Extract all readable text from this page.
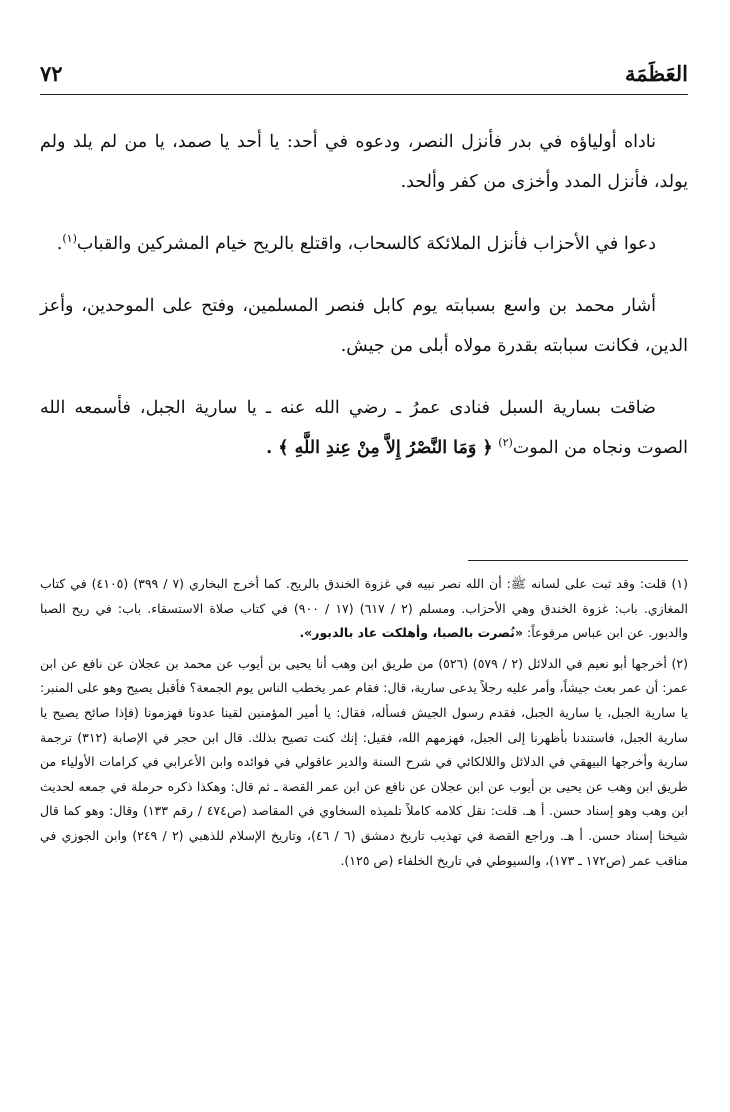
العَظَمَة
٧٢

ناداه أولياؤه في بدر فأنزل النصر، ودعوه في أحد: يا أحد يا صمد، يا من لم يلد ولم يولد، فأنزل المدد وأخزى من كفر وألحد.

دعوا في الأحزاب فأنزل الملائكة كالسحاب، واقتلع بالريح خيام المشركين والقباب$^{(١)}$.

أشار محمد بن واسع بسبابته يوم كابل فنصر المسلمين، وفتح على الموحدين، وأعز الدين، فكانت سبابته بقدرة مولاه أبلى من جيش.

ضاقت بسارية السبل فنادى عمرُ ـ رضي الله عنه ـ يا سارية الجبل، فأسمعه الله الصوت ونجاه من الموت$^{(٢)}$ ﴿ وَمَا النَّصْرُ إِلاَّ مِنْ عِندِ اللَّهِ ﴾ .

(١) قلت: وقد ثبت على لسانه ﷺ: أن الله نصر نبيه في غزوة الخندق بالريح. كما أخرج البخاري (٧ / ٣٩٩) (٤١٠٥) في كتاب المغازي. باب: غزوة الخندق وهي الأحزاب. ومسلم (٢ / ٦١٧) (١٧ / ٩٠٠) في كتاب صلاة الاستسقاء. باب: في ريح الصبا والدبور. عن ابن عباس مرفوعاً: «نُصرت بالصبا، وأهلكت عاد بالدبور».
(٢) أخرجها أبو نعيم في الدلائل (٢ / ٥٧٩) (٥٢٦) من طريق ابن وهب أنا يحيى بن أيوب عن محمد بن عجلان عن نافع عن ابن عمر: أن عمر بعث جيشاً، وأمر عليه رجلاً يدعى سارية، قال: فقام عمر يخطب الناس يوم الجمعة؟ فأقبل يصيح وهو على المنبر: يا سارية الجبل، يا سارية الجبل، فقدم رسول الجيش فسأله، فقال: يا أمير المؤمنين لقينا عدونا فهزمونا (فإذا صائح يصيح يا سارية الجبل، فاستندنا بأظهرنا إلى الجبل، فهزمهم الله، فقيل: إنك كنت تصيح بذلك. قال ابن حجر في الإصابة (٣١٢) ترجمة سارية وأخرجها البيهقي في الدلائل واللالكائي في شرح السنة والدير عاقولي في فوائده وابن الأعرابي في كرامات الأولياء من طريق ابن وهب عن يحيى بن أيوب عن ابن عجلان عن نافع عن ابن عمر القصة ـ ثم قال: وهكذا ذكره حرملة في جمعه لحديث ابن وهب وهو إسناد حسن. أ هـ. قلت: نقل كلامه كاملاً تلميذه السخاوي في المقاصد (ص٤٧٤ / رقم ١٣٣) وقال: وهو كما قال شيخنا إسناد حسن. أ هـ. وراجع القصة في تهذيب تاريخ دمشق (٦ / ٤٦)، وتاريخ الإسلام للذهبي (٢ / ٢٤٩) وابن الجوزي في مناقب عمر (ص١٧٢ ـ ١٧٣)، والسيوطي في تاريخ الخلفاء (ص ١٢٥).
